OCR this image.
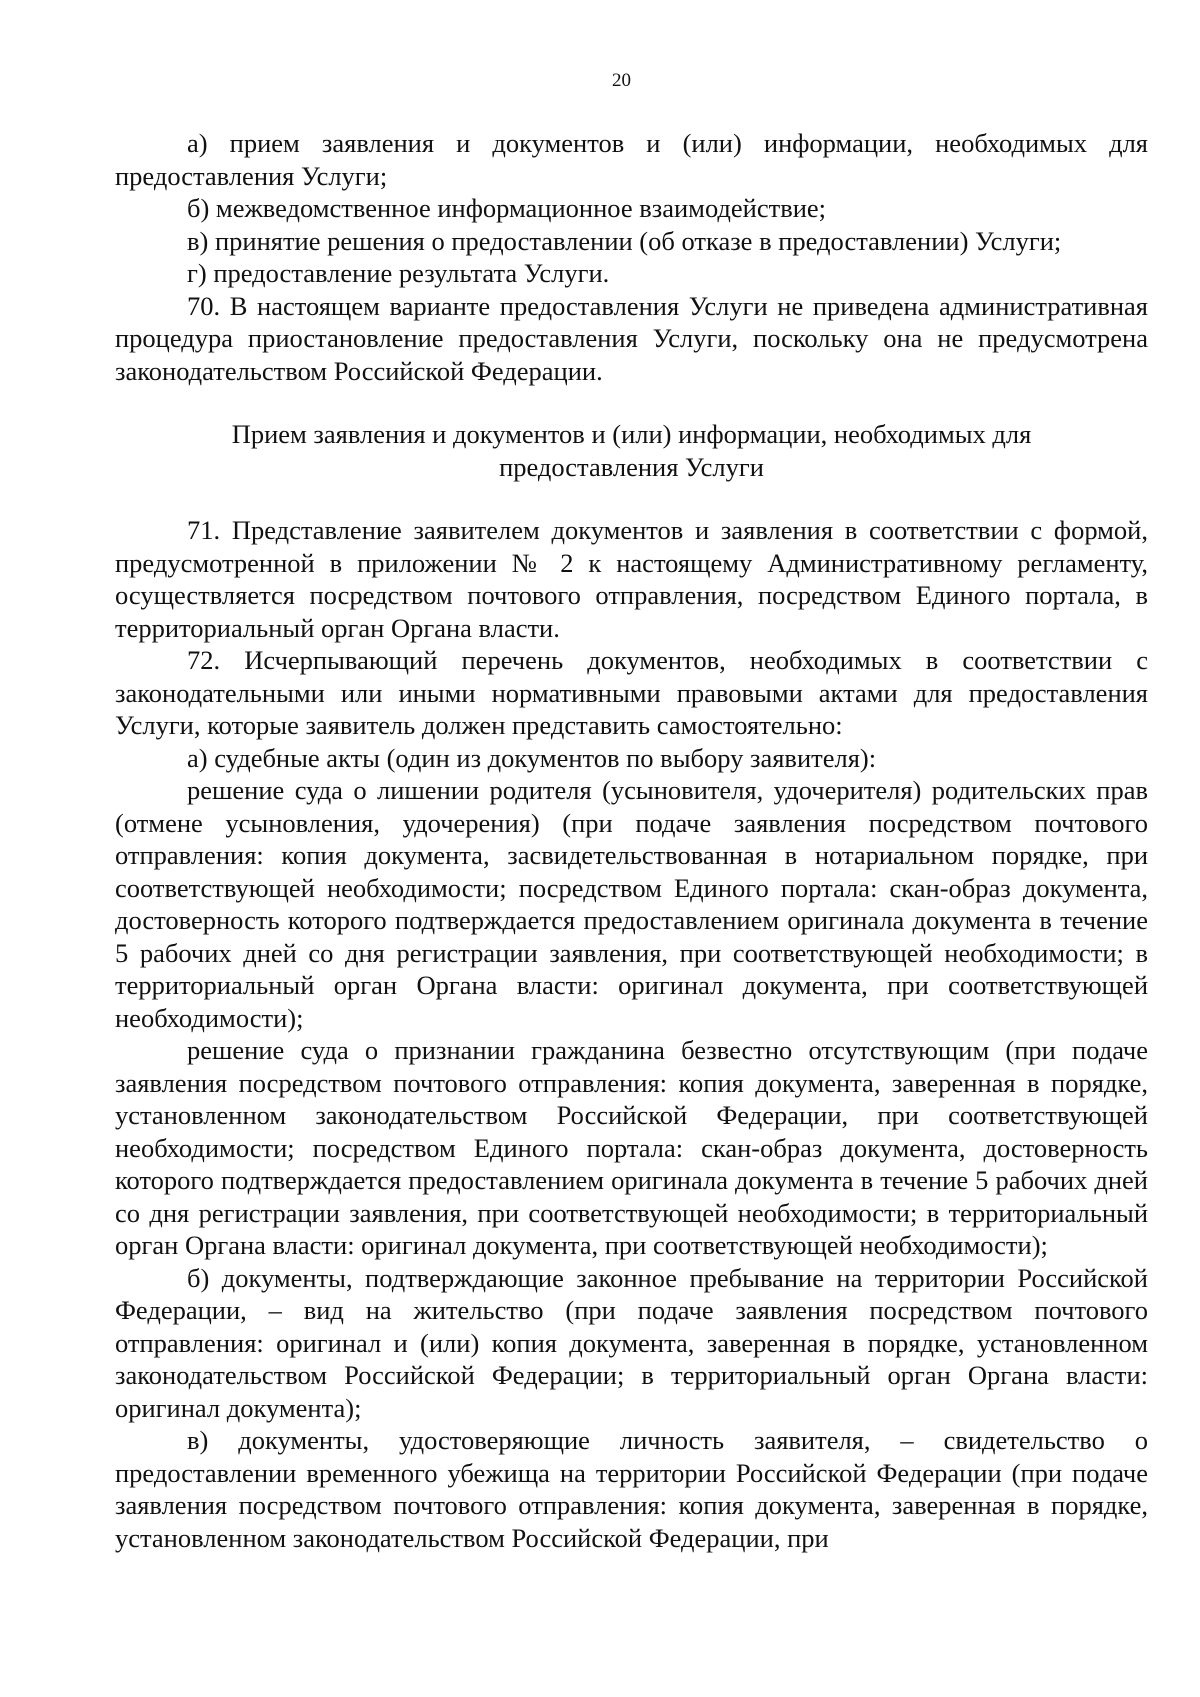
20

а) прием заявления и документов и (или) информации, необходимых для предоставления Услуги;

б) межведомственное информационное взаимодействие;

в) принятие решения о предоставлении (об отказе в предоставлении) Услуги;

г) предоставление результата Услуги.

70. В настоящем варианте предоставления Услуги не приведена административная процедура приостановление предоставления Услуги, поскольку она не предусмотрена законодательством Российской Федерации.

Прием заявления и документов и (или) информации, необходимых для
предоставления Услуги

71. Представление заявителем документов и заявления в соответствии с формой, предусмотренной в приложении № 2 к настоящему Административному регламенту, осуществляется посредством почтового отправления, посредством Единого портала, в территориальный орган Органа власти.

72. Исчерпывающий перечень документов, необходимых в соответствии с законодательными или иными нормативными правовыми актами для предоставления Услуги, которые заявитель должен представить самостоятельно:

а) судебные акты (один из документов по выбору заявителя):

решение суда о лишении родителя (усыновителя, удочерителя) родительских прав (отмене усыновления, удочерения) (при подаче заявления посредством почтового отправления: копия документа, засвидетельствованная в нотариальном порядке, при соответствующей необходимости; посредством Единого портала: скан-образ документа, достоверность которого подтверждается предоставлением оригинала документа в течение 5 рабочих дней со дня регистрации заявления, при соответствующей необходимости; в территориальный орган Органа власти: оригинал документа, при соответствующей необходимости);

решение суда о признании гражданина безвестно отсутствующим (при подаче заявления посредством почтового отправления: копия документа, заверенная в порядке, установленном законодательством Российской Федерации, при соответствующей необходимости; посредством Единого портала: скан-образ документа, достоверность которого подтверждается предоставлением оригинала документа в течение 5 рабочих дней со дня регистрации заявления, при соответствующей необходимости; в территориальный орган Органа власти: оригинал документа, при соответствующей необходимости);

б) документы, подтверждающие законное пребывание на территории Российской Федерации, – вид на жительство (при подаче заявления посредством почтового отправления: оригинал и (или) копия документа, заверенная в порядке, установленном законодательством Российской Федерации; в территориальный орган Органа власти: оригинал документа);

в) документы, удостоверяющие личность заявителя, – свидетельство о предоставлении временного убежища на территории Российской Федерации (при подаче заявления посредством почтового отправления: копия документа, заверенная в порядке, установленном законодательством Российской Федерации, при
